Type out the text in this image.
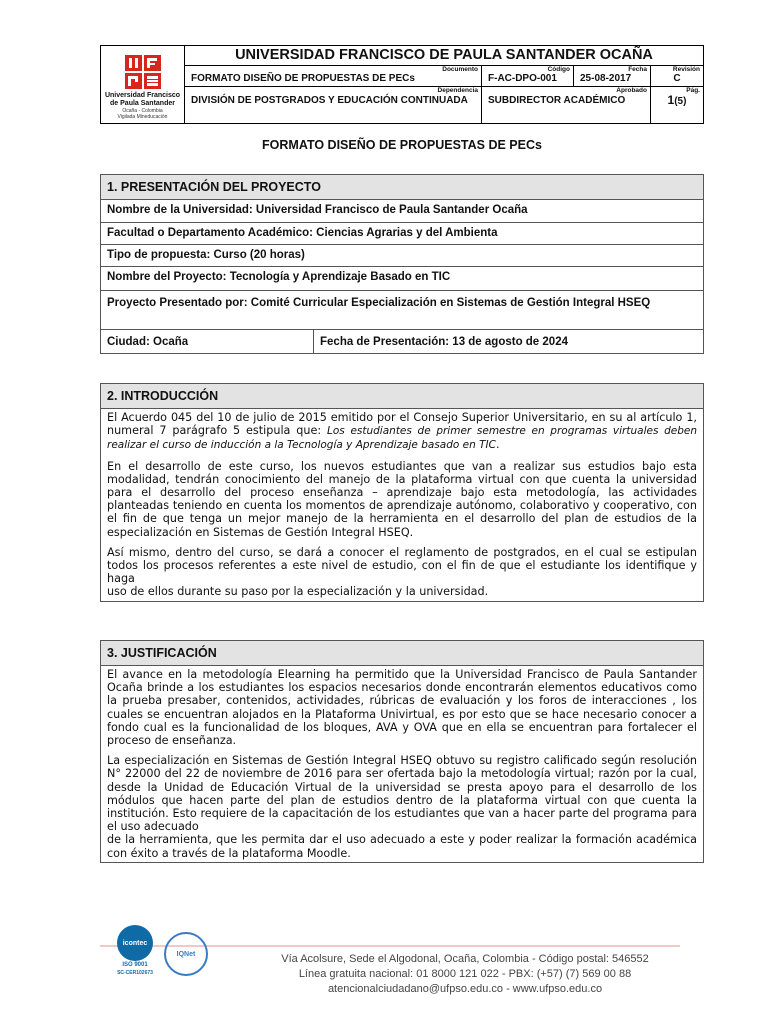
Universidad Francisco de Paula Santander
Ocaña - Colombia
Vigilada Mineducación
UNIVERSIDAD FRANCISCO DE PAULA SANTANDER OCAÑA
Documento
FORMATO DISEÑO DE PROPUESTAS DE PECs
Código
F-AC-DPO-001
Fecha
25-08-2017
Revisión
C
Dependencia
DIVISIÓN DE POSTGRADOS Y EDUCACIÓN CONTINUADA
Aprobado
SUBDIRECTOR ACADÉMICO
Pág.
1(5)
FORMATO DISEÑO DE PROPUESTAS DE PECs
1. PRESENTACIÓN DEL PROYECTO
Nombre de la Universidad: Universidad Francisco de Paula Santander Ocaña
Facultad o Departamento Académico: Ciencias Agrarias y del Ambienta
Tipo de propuesta: Curso (20 horas)
Nombre del Proyecto: Tecnología y Aprendizaje Basado en TIC
Proyecto Presentado por: Comité Curricular Especialización en Sistemas de Gestión Integral HSEQ
Ciudad: Ocaña	Fecha de Presentación: 13 de agosto de 2024
2. INTRODUCCIÓN

El Acuerdo 045 del 10 de julio de 2015 emitido por el Consejo Superior Universitario, en su al artículo 1, numeral 7 parágrafo 5 estipula que: Los estudiantes de primer semestre en programas virtuales deben realizar el curso de inducción a la Tecnología y Aprendizaje basado en TIC.

En el desarrollo de este curso, los nuevos estudiantes que van a realizar sus estudios bajo esta modalidad, tendrán conocimiento del manejo de la plataforma virtual con que cuenta la universidad para el desarrollo del proceso enseñanza – aprendizaje bajo esta metodología, las actividades planteadas teniendo en cuenta los momentos de aprendizaje autónomo, colaborativo y cooperativo, con el fin de que tenga un mejor manejo de la herramienta en el desarrollo del plan de estudios de la especialización en Sistemas de Gestión Integral HSEQ.

Así mismo, dentro del curso, se dará a conocer el reglamento de postgrados, en el cual se estipulan todos los procesos referentes a este nivel de estudio, con el fin de que el estudiante los identifique y haga
uso de ellos durante su paso por la especialización y la universidad.

3. JUSTIFICACIÓN

El avance en la metodología Elearning ha permitido que la Universidad Francisco de Paula Santander Ocaña brinde a los estudiantes los espacios necesarios donde encontrarán elementos educativos como la prueba presaber, contenidos, actividades, rúbricas de evaluación y los foros de interacciones , los cuales se encuentran alojados en la Plataforma Univirtual, es por esto que se hace necesario conocer a fondo cual es la funcionalidad de los bloques, AVA y OVA que en ella se encuentran para fortalecer el proceso de enseñanza.

La especialización en Sistemas de Gestión Integral HSEQ obtuvo su registro calificado según resolución N° 22000 del 22 de noviembre de 2016 para ser ofertada bajo la metodología virtual; razón por la cual, desde la Unidad de Educación Virtual de la universidad se presta apoyo para el desarrollo de los módulos que hacen parte del plan de estudios dentro de la plataforma virtual con que cuenta la institución. Esto requiere de la capacitación de los estudiantes que van a hacer parte del programa para el uso adecuado
de la herramienta, que les permita dar el uso adecuado a este y poder realizar la formación académica con éxito a través de la plataforma Moodle.

icontec
ISO 9001
SC-CER102673
IQNet	Vía Acolsure, Sede el Algodonal, Ocaña, Colombia - Código postal: 546552
Línea gratuita nacional: 01 8000 121 022 - PBX: (+57) (7) 569 00 88
atencionalciudadano@ufpso.edu.co - www.ufpso.edu.co
